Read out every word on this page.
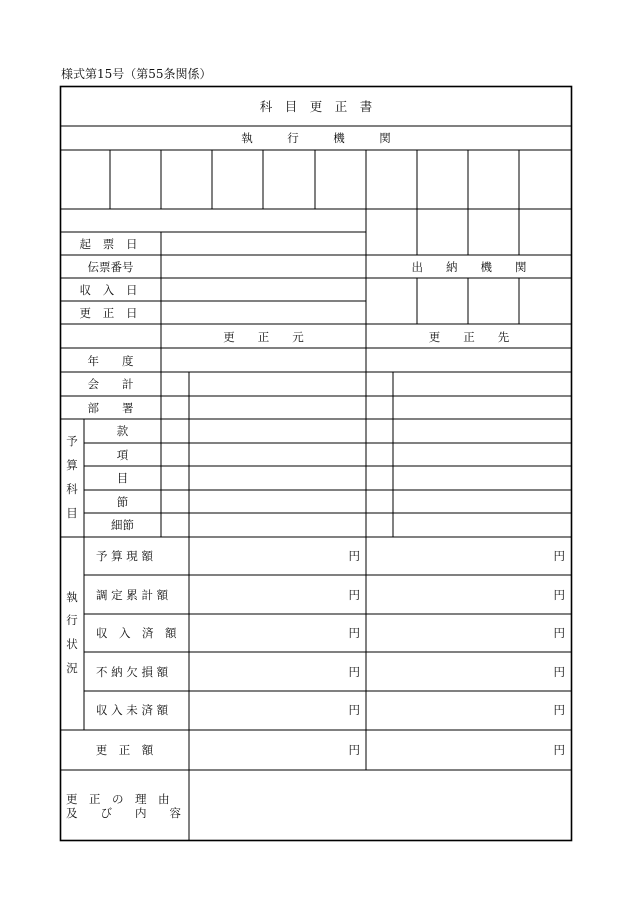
様式第15号（第55条関係）
科　目　更　正　書
執　　　行　　　機　　　関
起 票 日
伝票番号	出　　納　　機　　関
収 入 日
更 正 日
更　　正　　元	更　　正　　先
年　　度
会　　計
部　　署
予
算
科
目
款
項
目
節
細節
執
行
状
況
予 算 現 額
調 定 累 計 額
収　入　済　額
不 納 欠 損 額
収 入 未 済 額
円
円
円
円
円
円
円
円
円
円
円
円
更　正　額
更　正　の　理　由
及　　び　　内　　容
